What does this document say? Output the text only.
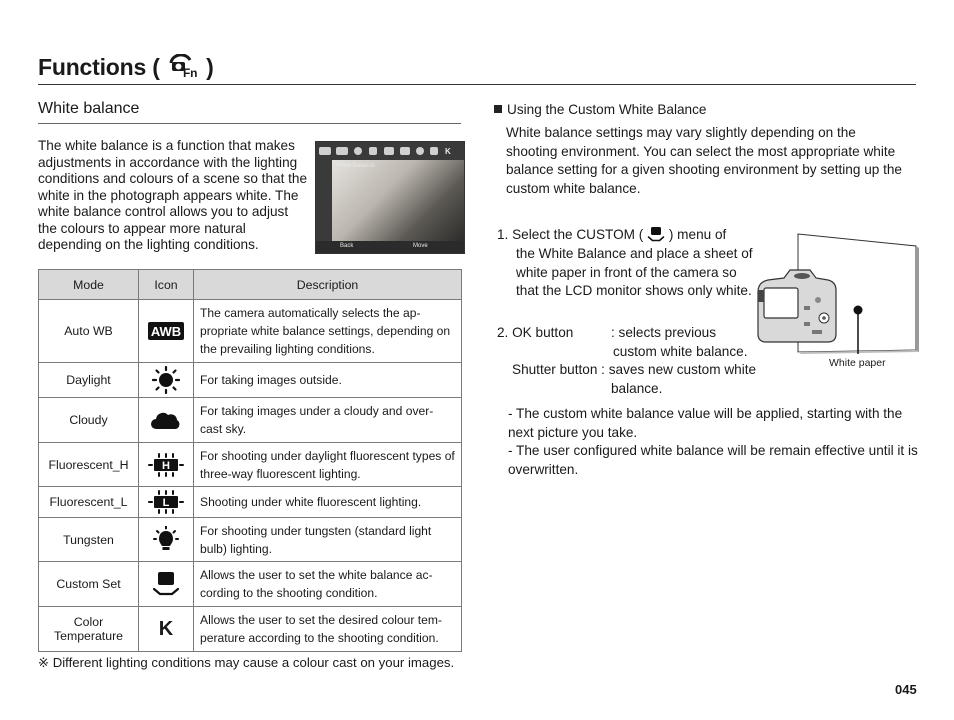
Functions ( Fn )
White balance
The white balance is a function that makes adjustments in accordance with the lighting conditions and colours of a scene so that the white in the photograph appears white. The white balance control allows you to adjust the colours to appear more natural depending on the lighting conditions.
K
White Balance
Back	Move
Mode	Icon	Description
Auto WB	AWB	The camera automatically selects the ap- propriate white balance settings, depending on the prevailing lighting conditions.
Daylight		For taking images outside.
Cloudy		For taking images under a cloudy and over- cast sky.
Fluorescent_H	H	For shooting under daylight fluorescent types of three-way fluorescent lighting.
Fluorescent_L	L	Shooting under white fluorescent lighting.
Tungsten		For shooting under tungsten (standard light bulb) lighting.
Custom Set		Allows the user to set the white balance ac- cording to the shooting condition.
Color Temperature	K	Allows the user to set the desired colour tem- perature according to the shooting condition.
※ Different lighting conditions may cause a colour cast on your images.
Using the Custom White Balance
White balance settings may vary slightly depending on the shooting environment. You can select the most appropriate white balance setting for a given shooting environment by setting up the custom white balance.
1. Select the CUSTOM ( ) menu of
the White Balance and place a sheet of white paper in front of the camera so that the LCD monitor shows only white.
2. OK button	: selects previous
custom white balance.
Shutter button : saves new custom white
balance.
- The custom white balance value will be applied, starting with the next picture you take.
- The user configured white balance will be remain effective until it is overwritten.
White paper
045
